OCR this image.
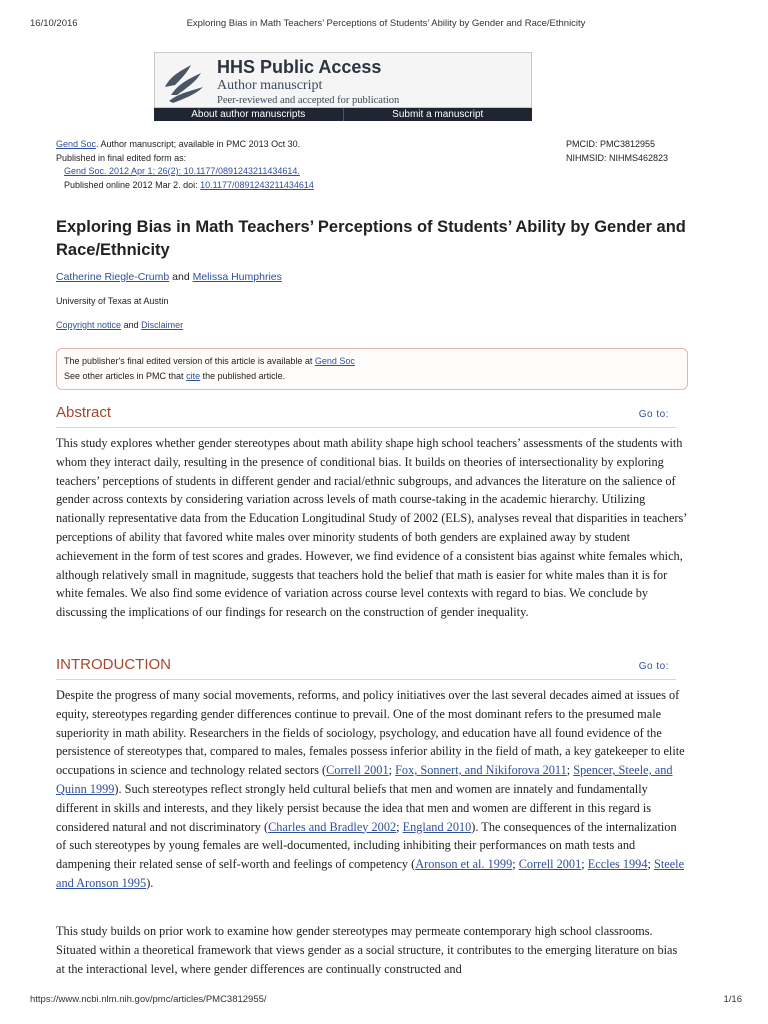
16/10/2016	Exploring Bias in Math Teachers’ Perceptions of Students’ Ability by Gender and Race/Ethnicity
HHS Public Access
Author manuscript
Peer-reviewed and accepted for publication
About author manuscripts	Submit a manuscript
Gend Soc. Author manuscript; available in PMC 2013 Oct 30.
Published in final edited form as:
Gend Soc. 2012 Apr 1; 26(2): 10.1177/0891243211434614.
Published online 2012 Mar 2. doi: 10.1177/0891243211434614
PMCID: PMC3812955
NIHMSID: NIHMS462823
Exploring Bias in Math Teachers’ Perceptions of Students’ Ability by Gender and Race/Ethnicity
Catherine Riegle-Crumb and Melissa Humphries
University of Texas at Austin
Copyright notice and Disclaimer
The publisher's final edited version of this article is available at Gend Soc
See other articles in PMC that cite the published article.
Abstract	Go to:

This study explores whether gender stereotypes about math ability shape high school teachers’ assessments of the students with whom they interact daily, resulting in the presence of conditional bias. It builds on theories of intersectionality by exploring teachers’ perceptions of students in different gender and racial/ethnic subgroups, and advances the literature on the salience of gender across contexts by considering variation across levels of math course-taking in the academic hierarchy. Utilizing nationally representative data from the Education Longitudinal Study of 2002 (ELS), analyses reveal that disparities in teachers’ perceptions of ability that favored white males over minority students of both genders are explained away by student achievement in the form of test scores and grades. However, we find evidence of a consistent bias against white females which, although relatively small in magnitude, suggests that teachers hold the belief that math is easier for white males than it is for white females. We also find some evidence of variation across course level contexts with regard to bias. We conclude by discussing the implications of our findings for research on the construction of gender inequality.

INTRODUCTION	Go to:

Despite the progress of many social movements, reforms, and policy initiatives over the last several decades aimed at issues of equity, stereotypes regarding gender differences continue to prevail. One of the most dominant refers to the presumed male superiority in math ability. Researchers in the fields of sociology, psychology, and education have all found evidence of the persistence of stereotypes that, compared to males, females possess inferior ability in the field of math, a key gatekeeper to elite occupations in science and technology related sectors (Correll 2001; Fox, Sonnert, and Nikiforova 2011; Spencer, Steele, and Quinn 1999). Such stereotypes reflect strongly held cultural beliefs that men and women are innately and fundamentally different in skills and interests, and they likely persist because the idea that men and women are different in this regard is considered natural and not discriminatory (Charles and Bradley 2002; England 2010). The consequences of the internalization of such stereotypes by young females are well-documented, including inhibiting their performances on math tests and dampening their related sense of self-worth and feelings of competency (Aronson et al. 1999; Correll 2001; Eccles 1994; Steele and Aronson 1995).

This study builds on prior work to examine how gender stereotypes may permeate contemporary high school classrooms. Situated within a theoretical framework that views gender as a social structure, it contributes to the emerging literature on bias at the interactional level, where gender differences are continually constructed and

https://www.ncbi.nlm.nih.gov/pmc/articles/PMC3812955/	1/16
